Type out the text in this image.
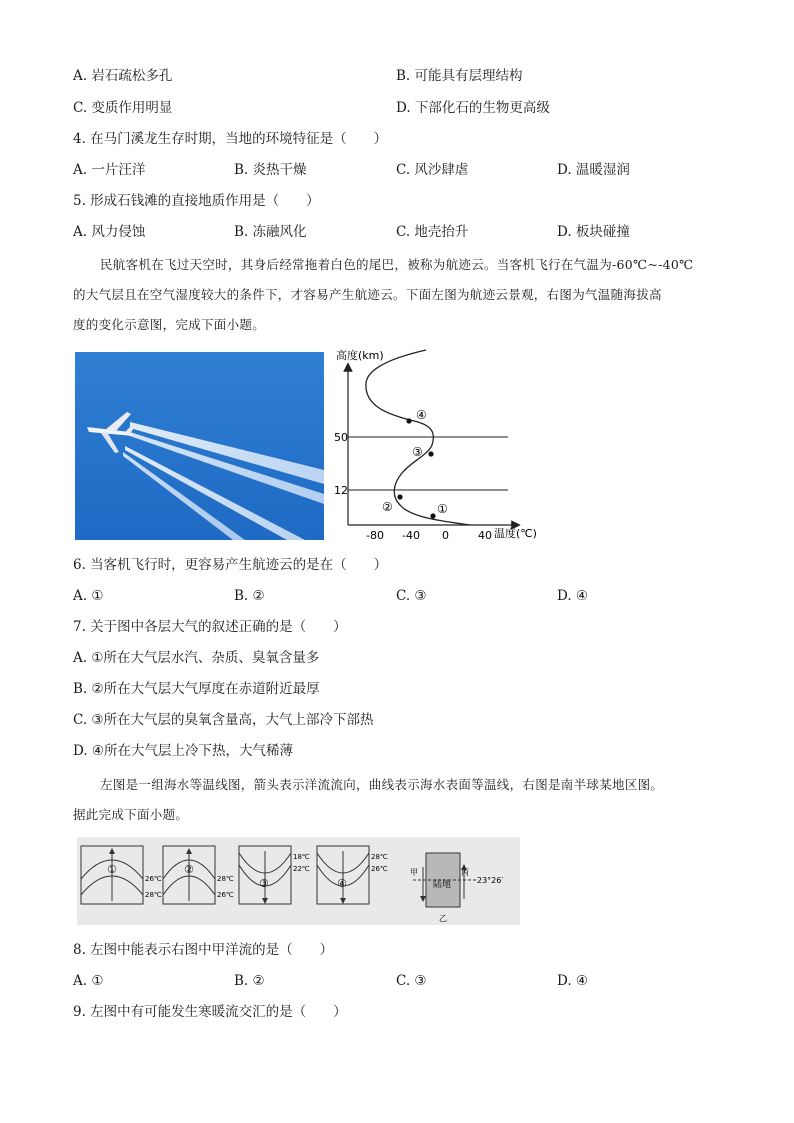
A. 岩石疏松多孔	B. 可能具有层理结构
C. 变质作用明显	D. 下部化石的生物更高级
4. 在马门溪龙生存时期，当地的环境特征是（　　）
A. 一片汪洋	B. 炎热干燥	C. 风沙肆虐	D. 温暖湿润
5. 形成石钱滩的直接地质作用是（　　）
A. 风力侵蚀	B. 冻融风化	C. 地壳抬升	D. 板块碰撞
民航客机在飞过天空时，其身后经常拖着白色的尾巴，被称为航迹云。当客机飞行在气温为-60℃~-40℃
的大气层且在空气湿度较大的条件下，才容易产生航迹云。下面左图为航迹云景观，右图为气温随海拔高
度的变化示意图，完成下面小题。
①
②
③
④
高度(km)
50
12
-80 -40 0	40 温度(℃)
6. 当客机飞行时，更容易产生航迹云的是在（　　）
A. ①	B. ②	C. ③	D. ④
7. 关于图中各层大气的叙述正确的是（　　）
A. ①所在大气层水汽、杂质、臭氧含量多
B. ②所在大气层大气厚度在赤道附近最厚
C. ③所在大气层的臭氧含量高，大气上部冷下部热
D. ④所在大气层上冷下热，大气稀薄
左图是一组海水等温线图，箭头表示洋流流向，曲线表示海水表面等温线，右图是南半球某地区图。
据此完成下面小题。
①
26℃
28℃
②
28℃
26℃
③
18℃
22℃
④
28℃
26℃
陆地
甲	丙
乙
23°26′
8. 左图中能表示右图中甲洋流的是（　　）
A. ①	B. ②	C. ③	D. ④
9. 左图中有可能发生寒暖流交汇的是（　　）
